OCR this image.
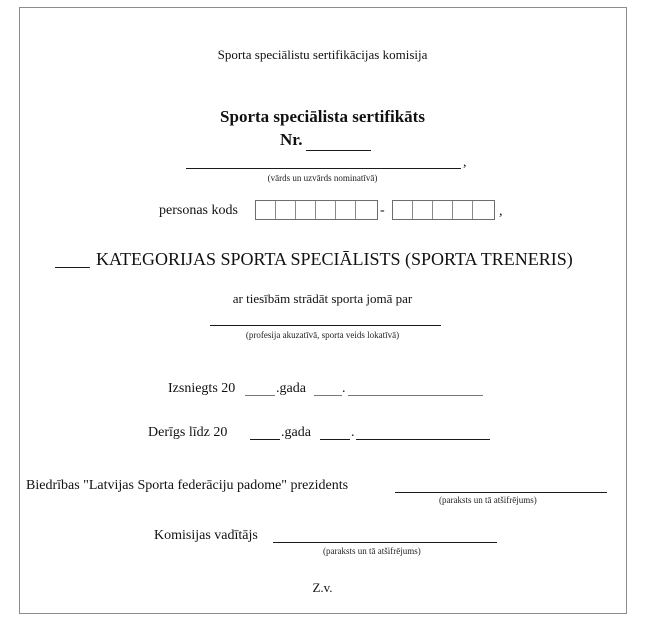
Sporta speciālistu sertifikācijas komisija
Sporta speciālista sertifikāts
Nr.
,
(vārds un uzvārds nominatīvā)
personas kods	-	,
KATEGORIJAS SPORTA SPECIĀLISTS (SPORTA TRENERIS)
ar tiesībām strādāt sporta jomā par
(profesija akuzatīvā, sporta veids lokatīvā)
Izsniegts 20	.gada	.
Derīgs līdz 20	.gada	.
Biedrības "Latvijas Sporta federāciju padome" prezidents
(paraksts un tā atšifrējums)
Komisijas vadītājs
(paraksts un tā atšifrējums)
Z.v.
